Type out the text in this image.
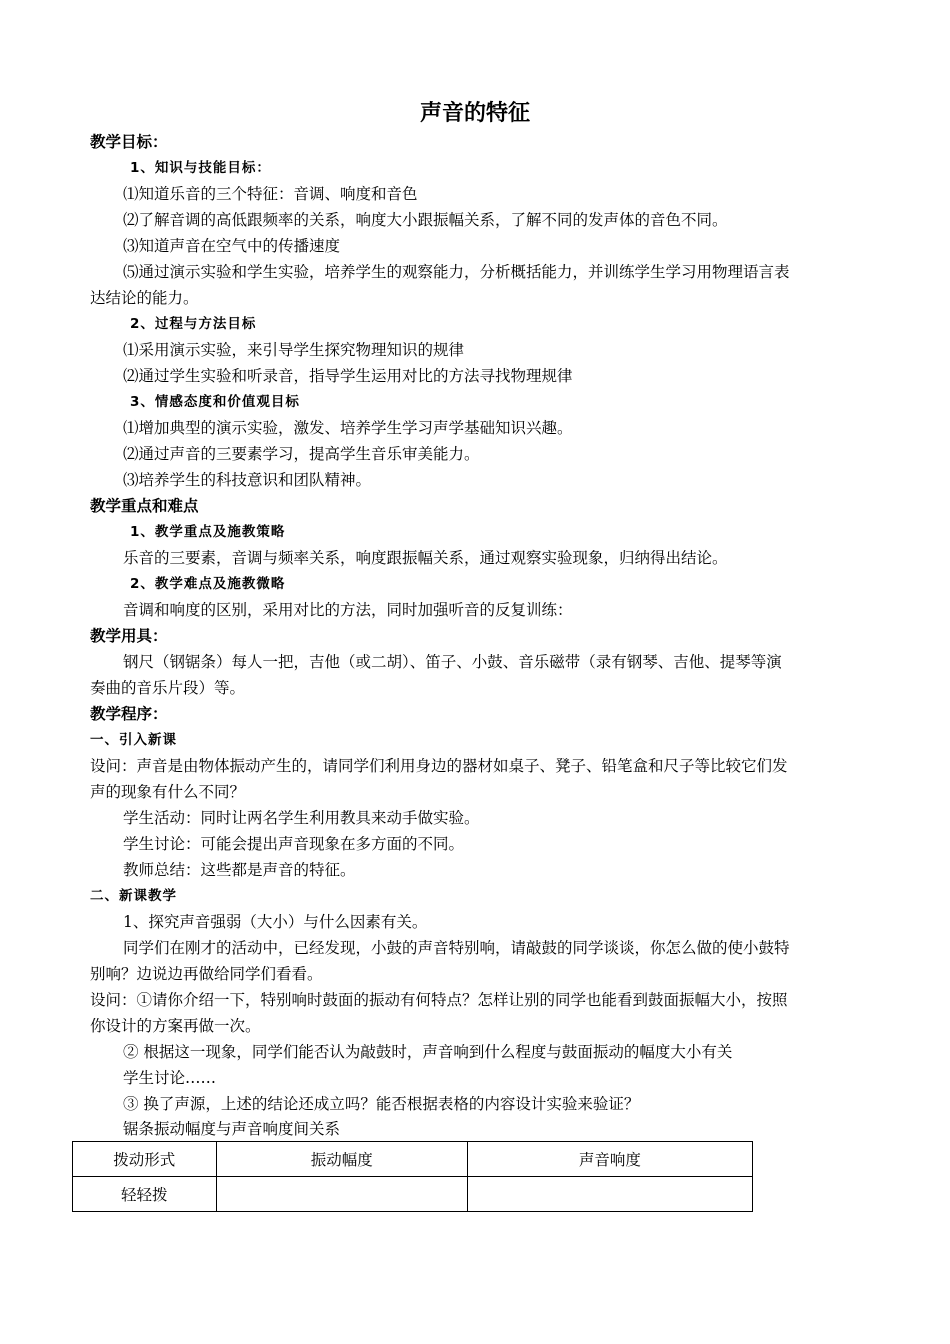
声音的特征
教学目标：
1、知识与技能目标：
⑴知道乐音的三个特征：音调、响度和音色
⑵了解音调的高低跟频率的关系，响度大小跟振幅关系，了解不同的发声体的音色不同。
⑶知道声音在空气中的传播速度
⑸通过演示实验和学生实验，培养学生的观察能力，分析概括能力，并训练学生学习用物理语言表
达结论的能力。
2、过程与方法目标
⑴采用演示实验，来引导学生探究物理知识的规律
⑵通过学生实验和听录音，指导学生运用对比的方法寻找物理规律
3、情感态度和价值观目标
⑴增加典型的演示实验，激发、培养学生学习声学基础知识兴趣。
⑵通过声音的三要素学习，提高学生音乐审美能力。
⑶培养学生的科技意识和团队精神。
教学重点和难点
1、教学重点及施教策略
乐音的三要素，音调与频率关系，响度跟振幅关系，通过观察实验现象，归纳得出结论。
2、教学难点及施教微略
音调和响度的区别，采用对比的方法，同时加强听音的反复训练：
教学用具：
钢尺（钢锯条）每人一把，吉他（或二胡）、笛子、小鼓、音乐磁带（录有钢琴、吉他、提琴等演
奏曲的音乐片段）等。
教学程序：
一、引入新课
设问：声音是由物体振动产生的，请同学们利用身边的器材如桌子、凳子、铅笔盒和尺子等比较它们发
声的现象有什么不同？
学生活动：同时让两名学生利用教具来动手做实验。
学生讨论：可能会提出声音现象在多方面的不同。
教师总结：这些都是声音的特征。
二、新课教学
1、探究声音强弱（大小）与什么因素有关。
同学们在刚才的活动中，已经发现，小鼓的声音特别响，请敲鼓的同学谈谈，你怎么做的使小鼓特
别响？边说边再做给同学们看看。
设问：①请你介绍一下，特别响时鼓面的振动有何特点？怎样让别的同学也能看到鼓面振幅大小，按照
你设计的方案再做一次。
② 根据这一现象，同学们能否认为敲鼓时，声音响到什么程度与鼓面振动的幅度大小有关
学生讨论……
③ 换了声源，上述的结论还成立吗？能否根据表格的内容设计实验来验证？
锯条振动幅度与声音响度间关系
拨动形式	振动幅度	声音响度
轻轻拨		
